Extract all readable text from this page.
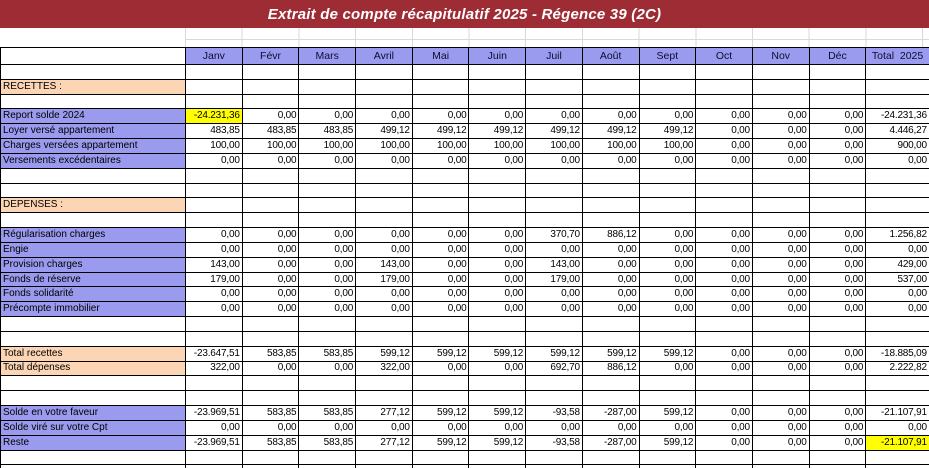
Extrait de compte récapitulatif 2025 - Régence 39 (2C)
	Janv	Févr	Mars	Avril	Mai	Juin	Juil	Août	Sept	Oct	Nov	Déc	Total  2025

RECETTES :													

Report solde 2024	-24.231,36	0,00	0,00	0,00	0,00	0,00	0,00	0,00	0,00	0,00	0,00	0,00	-24.231,36
Loyer versé appartement	483,85	483,85	483,85	499,12	499,12	499,12	499,12	499,12	499,12	0,00	0,00	0,00	4.446,27
Charges versées appartement	100,00	100,00	100,00	100,00	100,00	100,00	100,00	100,00	100,00	0,00	0,00	0,00	900,00
Versements excédentaires	0,00	0,00	0,00	0,00	0,00	0,00	0,00	0,00	0,00	0,00	0,00	0,00	0,00

DEPENSES :													

Régularisation charges	0,00	0,00	0,00	0,00	0,00	0,00	370,70	886,12	0,00	0,00	0,00	0,00	1.256,82
Engie	0,00	0,00	0,00	0,00	0,00	0,00	0,00	0,00	0,00	0,00	0,00	0,00	0,00
Provision charges	143,00	0,00	0,00	143,00	0,00	0,00	143,00	0,00	0,00	0,00	0,00	0,00	429,00
Fonds de réserve	179,00	0,00	0,00	179,00	0,00	0,00	179,00	0,00	0,00	0,00	0,00	0,00	537,00
Fonds solidarité	0,00	0,00	0,00	0,00	0,00	0,00	0,00	0,00	0,00	0,00	0,00	0,00	0,00
Précompte immobilier	0,00	0,00	0,00	0,00	0,00	0,00	0,00	0,00	0,00	0,00	0,00	0,00	0,00

Total recettes	-23.647,51	583,85	583,85	599,12	599,12	599,12	599,12	599,12	599,12	0,00	0,00	0,00	-18.885,09
Total dépenses	322,00	0,00	0,00	322,00	0,00	0,00	692,70	886,12	0,00	0,00	0,00	0,00	2.222,82

Solde en votre faveur	-23.969,51	583,85	583,85	277,12	599,12	599,12	-93,58	-287,00	599,12	0,00	0,00	0,00	-21.107,91
Solde viré sur votre Cpt	0,00	0,00	0,00	0,00	0,00	0,00	0,00	0,00	0,00	0,00	0,00	0,00	0,00
Reste	-23.969,51	583,85	583,85	277,12	599,12	599,12	-93,58	-287,00	599,12	0,00	0,00	0,00	-21.107,91
